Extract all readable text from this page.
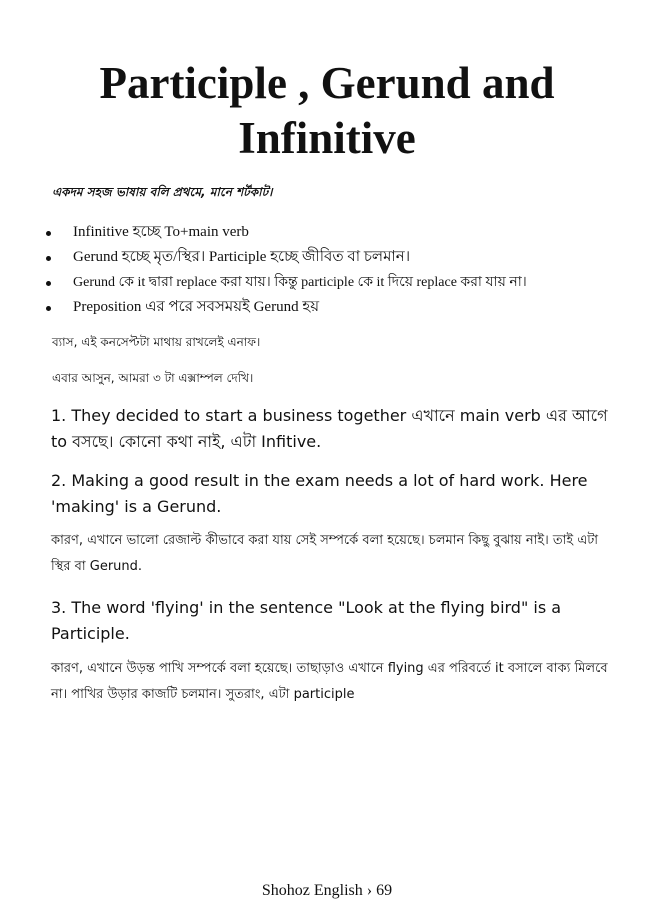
Participle , Gerund and Infinitive

একদম সহজ ভাষায় বলি প্রথমে, মানে শর্টকাট।

Infinitive হচ্ছে To+main verb
Gerund হচ্ছে মৃত/স্থির। Participle হচ্ছে জীবিত বা চলমান।
Gerund কে it দ্বারা replace করা যায়। কিন্তু participle কে it দিয়ে replace করা যায় না।
Preposition এর পরে সবসময়ই Gerund হয়

ব্যাস, এই কনসেপ্টটা মাথায় রাখলেই এনাফ।

এবার আসুন, আমরা ৩ টা এক্সাম্পল দেখি।

1. They decided to start a business together এখানে main verb এর আগে to বসছে। কোনো কথা নাই, এটা Infitive.

2. Making a good result in the exam needs a lot of hard work. Here 'making' is a Gerund.

কারণ, এখানে ভালো রেজাল্ট কীভাবে করা যায় সেই সম্পর্কে বলা হয়েছে। চলমান কিছু বুঝায় নাই। তাই এটা স্থির বা Gerund.

3. The word 'flying' in the sentence "Look at the flying bird" is a Participle.

কারণ, এখানে উড়ন্ত পাখি সম্পর্কে বলা হয়েছে। তাছাড়াও এখানে flying এর পরিবর্তে it বসালে বাক্য মিলবে না। পাখির উড়ার কাজটি চলমান। সুতরাং, এটা participle

Shohoz English › 69
